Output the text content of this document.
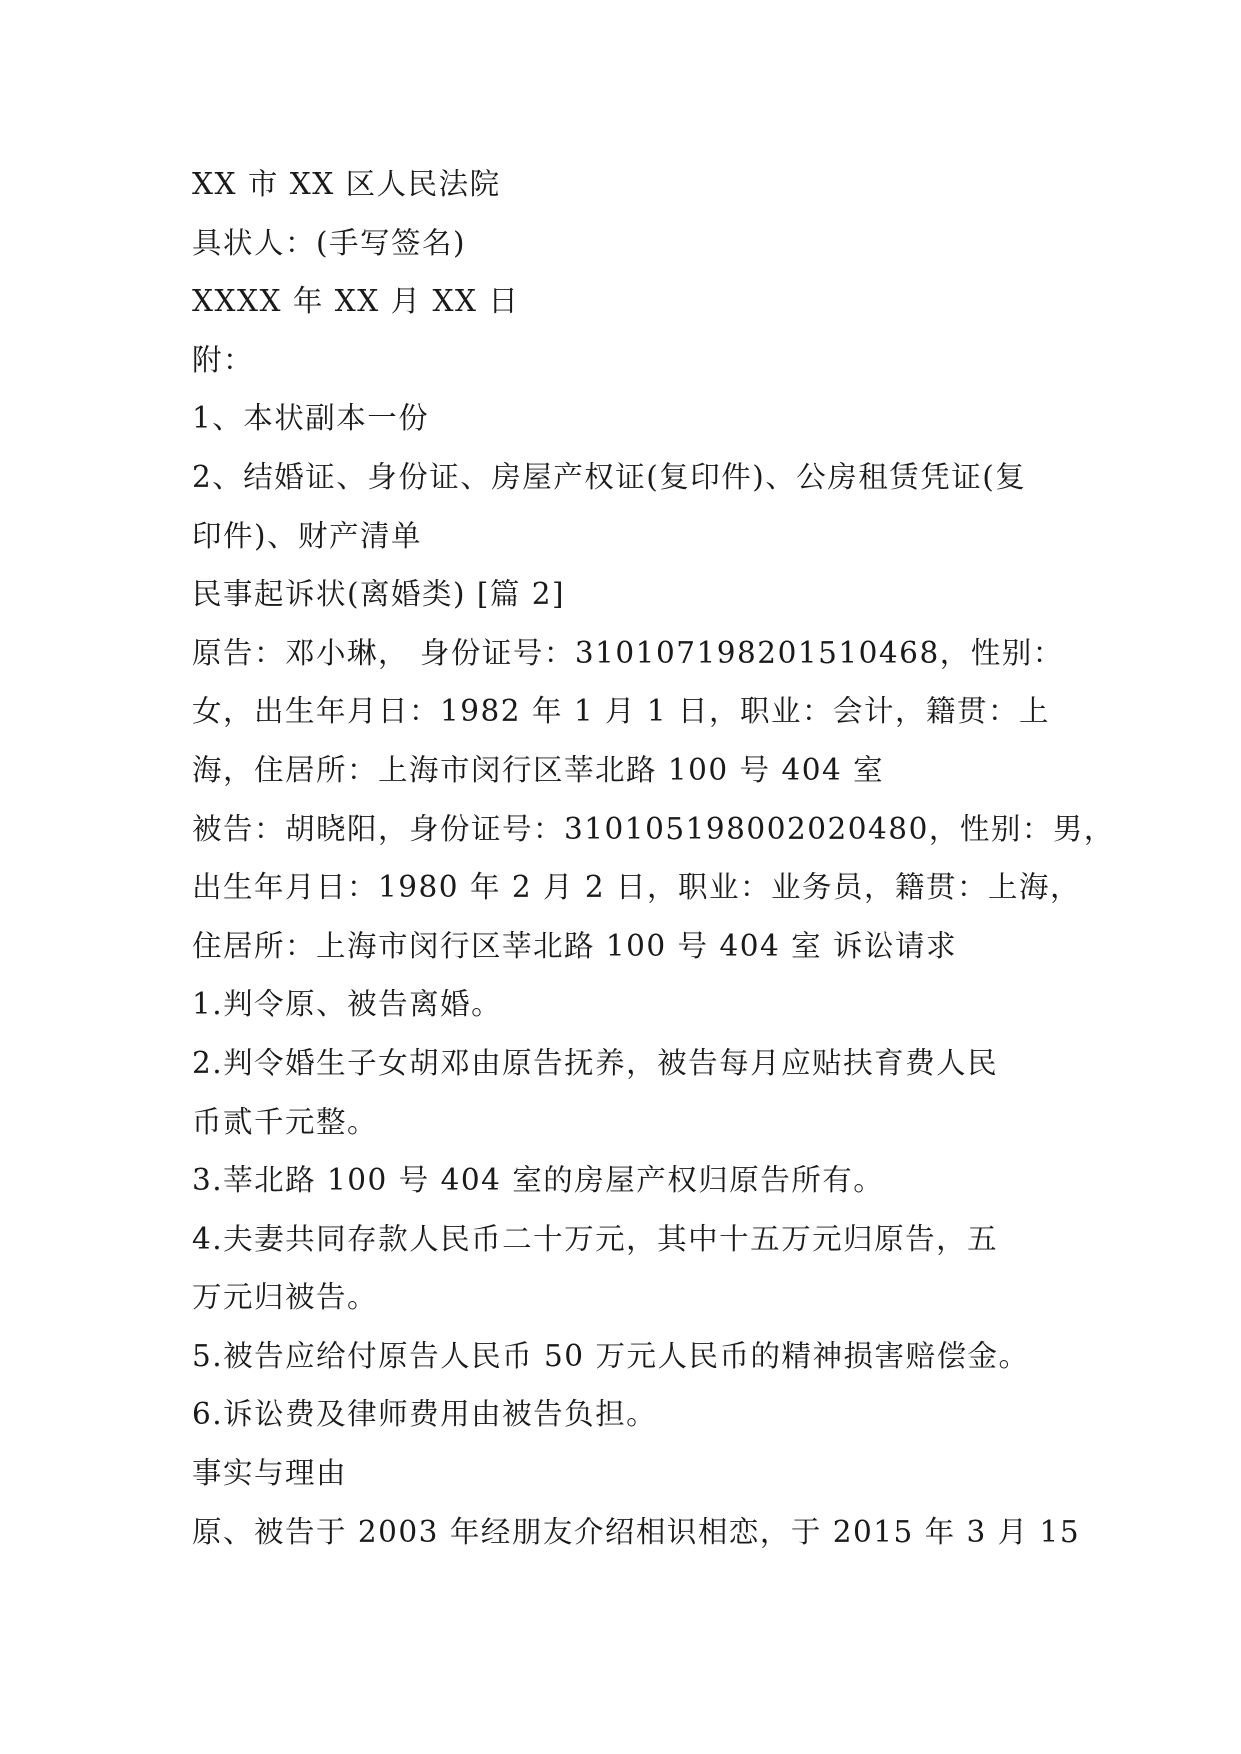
XX 市 XX 区人民法院
具状人：(手写签名)
XXXX 年 XX 月 XX 日
附：
1、本状副本一份
2、结婚证、身份证、房屋产权证(复印件)、公房租赁凭证(复
印件)、财产清单
民事起诉状(离婚类) [篇 2]
原告：邓小琳， 身份证号：310107198201510468，性别：
女，出生年月日：1982 年 1 月 1 日，职业：会计，籍贯：上
海，住居所：上海市闵行区莘北路 100 号 404 室
被告：胡晓阳，身份证号：310105198002020480，性别：男，
出生年月日：1980 年 2 月 2 日，职业：业务员，籍贯：上海，
住居所：上海市闵行区莘北路 100 号 404 室 诉讼请求
1.判令原、被告离婚。
2.判令婚生子女胡邓由原告抚养，被告每月应贴扶育费人民
币贰千元整。
3.莘北路 100 号 404 室的房屋产权归原告所有。
4.夫妻共同存款人民币二十万元，其中十五万元归原告，五
万元归被告。
5.被告应给付原告人民币 50 万元人民币的精神损害赔偿金。
6.诉讼费及律师费用由被告负担。
事实与理由
原、被告于 2003 年经朋友介绍相识相恋，于 2015 年 3 月 15
